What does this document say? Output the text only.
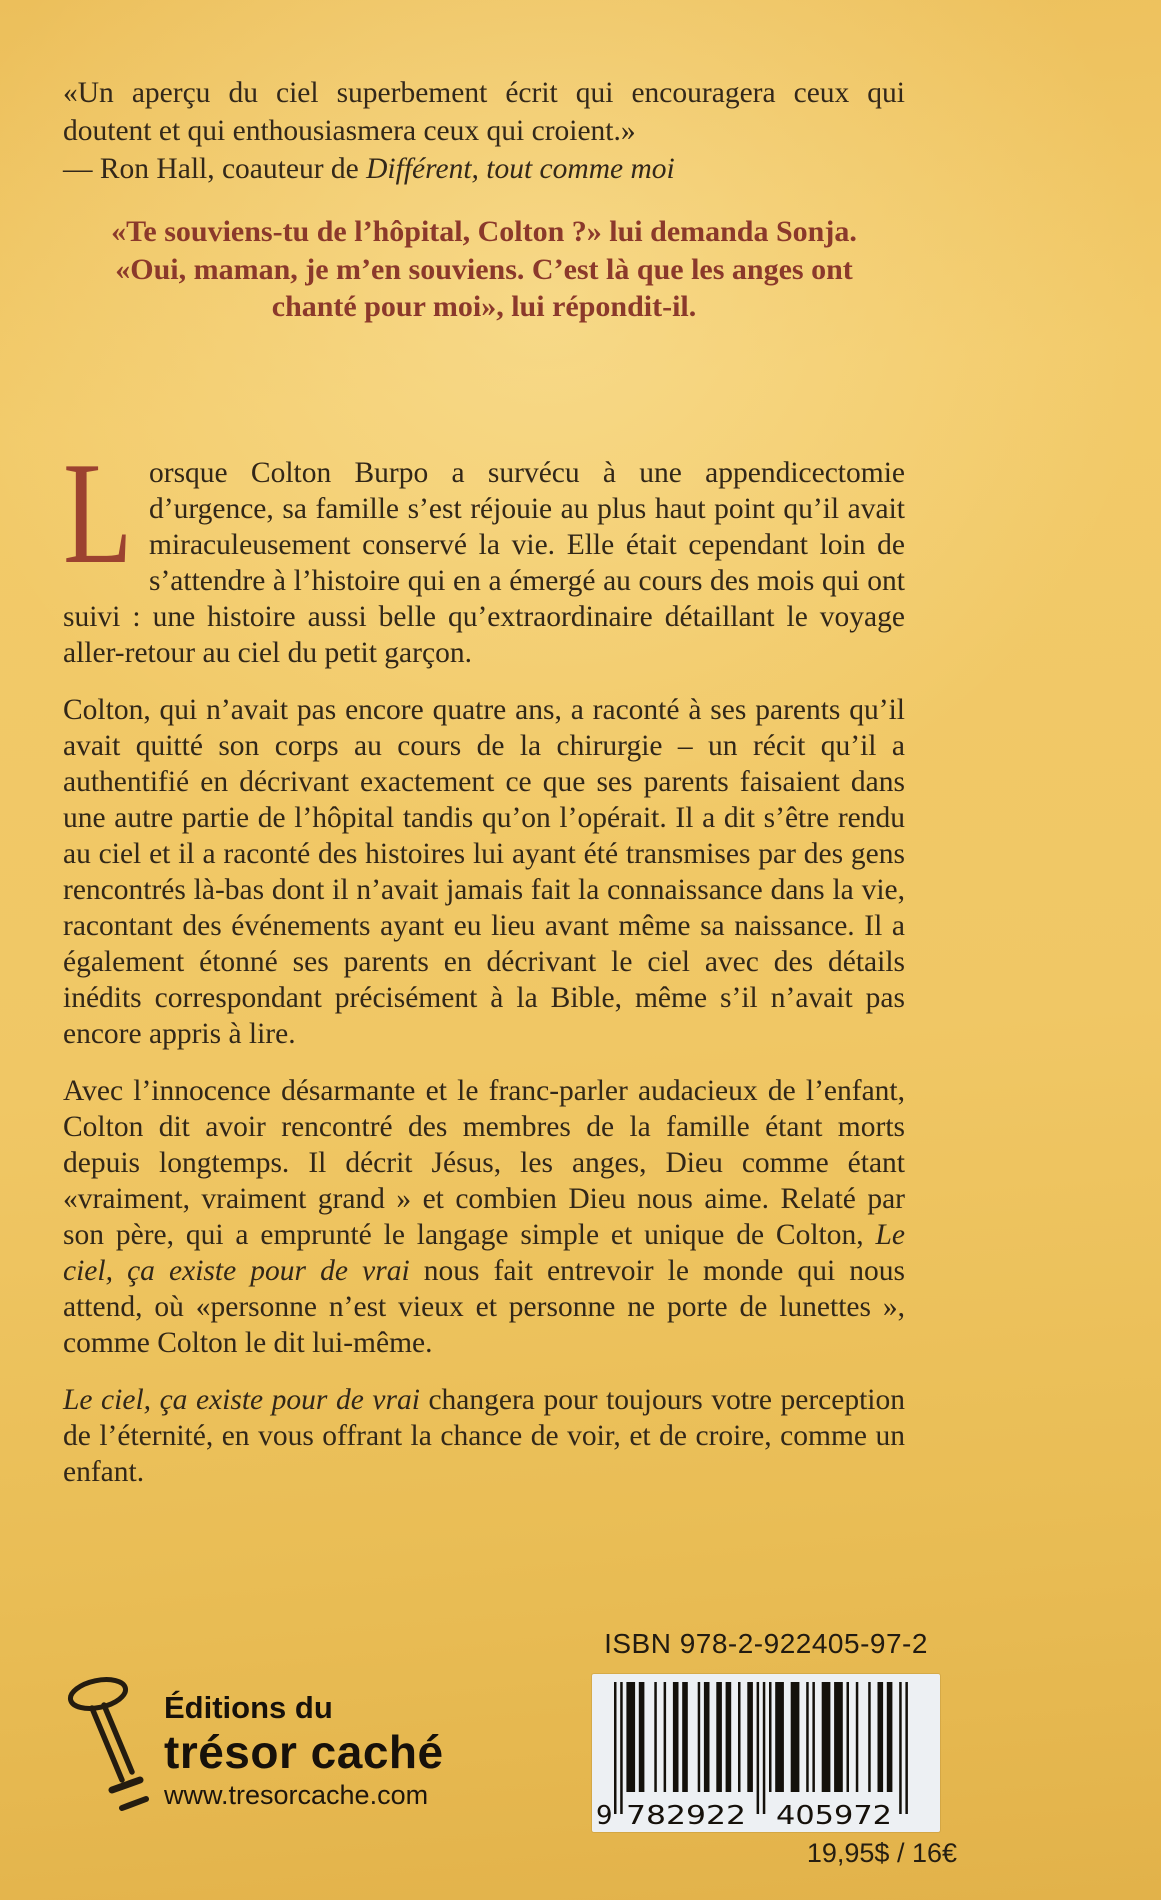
«Un aperçu du ciel superbement écrit qui encouragera ceux qui doutent et qui enthousiasmera ceux qui croient.»
— Ron Hall, coauteur de Différent, tout comme moi

«Te souviens-tu de l’hôpital, Colton ?» lui demanda Sonja.
«Oui, maman, je m’en souviens. C’est là que les anges ont
chanté pour moi», lui répondit-il.

Lorsque Colton Burpo a survécu à une appendicectomie d’urgence, sa famille s’est réjouie au plus haut point qu’il avait miraculeusement conservé la vie. Elle était cependant loin de s’attendre à l’histoire qui en a émergé au cours des mois qui ont suivi : une histoire aussi belle qu’extraordinaire détaillant le voyage aller-retour au ciel du petit garçon.

Colton, qui n’avait pas encore quatre ans, a raconté à ses parents qu’il avait quitté son corps au cours de la chirurgie – un récit qu’il a authentifié en décrivant exactement ce que ses parents faisaient dans une autre partie de l’hôpital tandis qu’on l’opérait. Il a dit s’être rendu au ciel et il a raconté des histoires lui ayant été transmises par des gens rencontrés là-bas dont il n’avait jamais fait la connaissance dans la vie, racontant des événements ayant eu lieu avant même sa naissance. Il a également étonné ses parents en décrivant le ciel avec des détails inédits correspondant précisément à la Bible, même s’il n’avait pas encore appris à lire.

Avec l’innocence désarmante et le franc-parler audacieux de l’enfant, Colton dit avoir rencontré des membres de la famille étant morts depuis longtemps. Il décrit Jésus, les anges, Dieu comme étant «vraiment, vraiment grand » et combien Dieu nous aime. Relaté par son père, qui a emprunté le langage simple et unique de Colton, Le ciel, ça existe pour de vrai nous fait entrevoir le monde qui nous attend, où «personne n’est vieux et personne ne porte de lunettes », comme Colton le dit lui-même.

Le ciel, ça existe pour de vrai changera pour toujours votre perception de l’éternité, en vous offrant la chance de voir, et de croire, comme un enfant.

Éditions du
trésor caché
www.tresorcache.com
ISBN 978-2-922405-97-2
9 782922 405972
19,95$ / 16€
